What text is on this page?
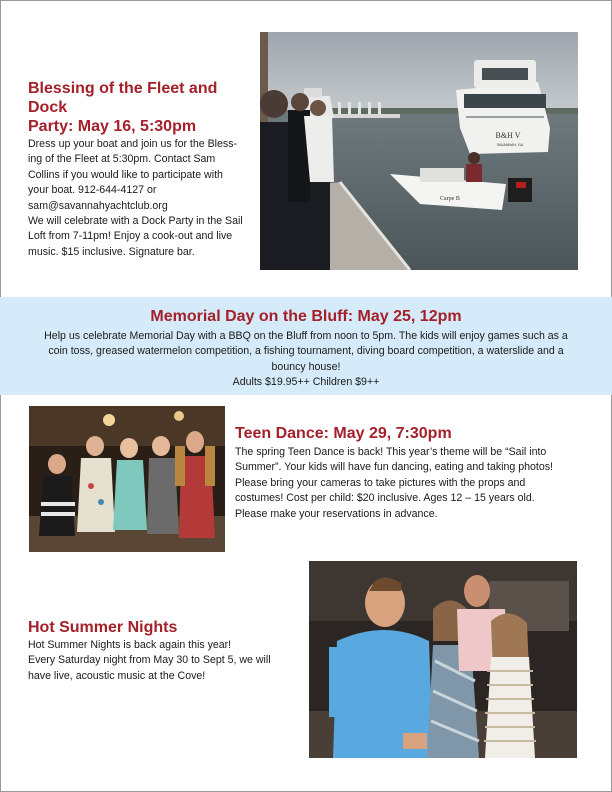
Blessing of the Fleet and Dock
Party: May 16, 5:30pm

Dress up your boat and join us for the Bless-
ing of the Fleet at 5:30pm. Contact Sam
Collins if you would like to participate with
your boat. 912-644-4127 or
sam@savannahyachtclub.org
We will celebrate with a Dock Party in the Sail
Loft from 7-11pm! Enjoy a cook-out and live
music. $15 inclusive. Signature bar.

B&H V
SAVANNAH, GA
Carpe B
Memorial Day on the Bluff: May 25, 12pm

Help us celebrate Memorial Day with a BBQ on the Bluff from noon to 5pm. The kids will enjoy games such as a
coin toss, greased watermelon competition, a fishing tournament, diving board competition, a waterslide and a
bouncy house!
Adults $19.95++ Children $9++

Teen Dance: May 29, 7:30pm

The spring Teen Dance is back! This year’s theme will be “Sail into
Summer”. Your kids will have fun dancing, eating and taking photos!
Please bring your cameras to take pictures with the props and
costumes! Cost per child: $20 inclusive. Ages 12 – 15 years old.
Please make your reservations in advance.

Hot Summer Nights

Hot Summer Nights is back again this year!
Every Saturday night from May 30 to Sept 5, we will
have live, acoustic music at the Cove!
